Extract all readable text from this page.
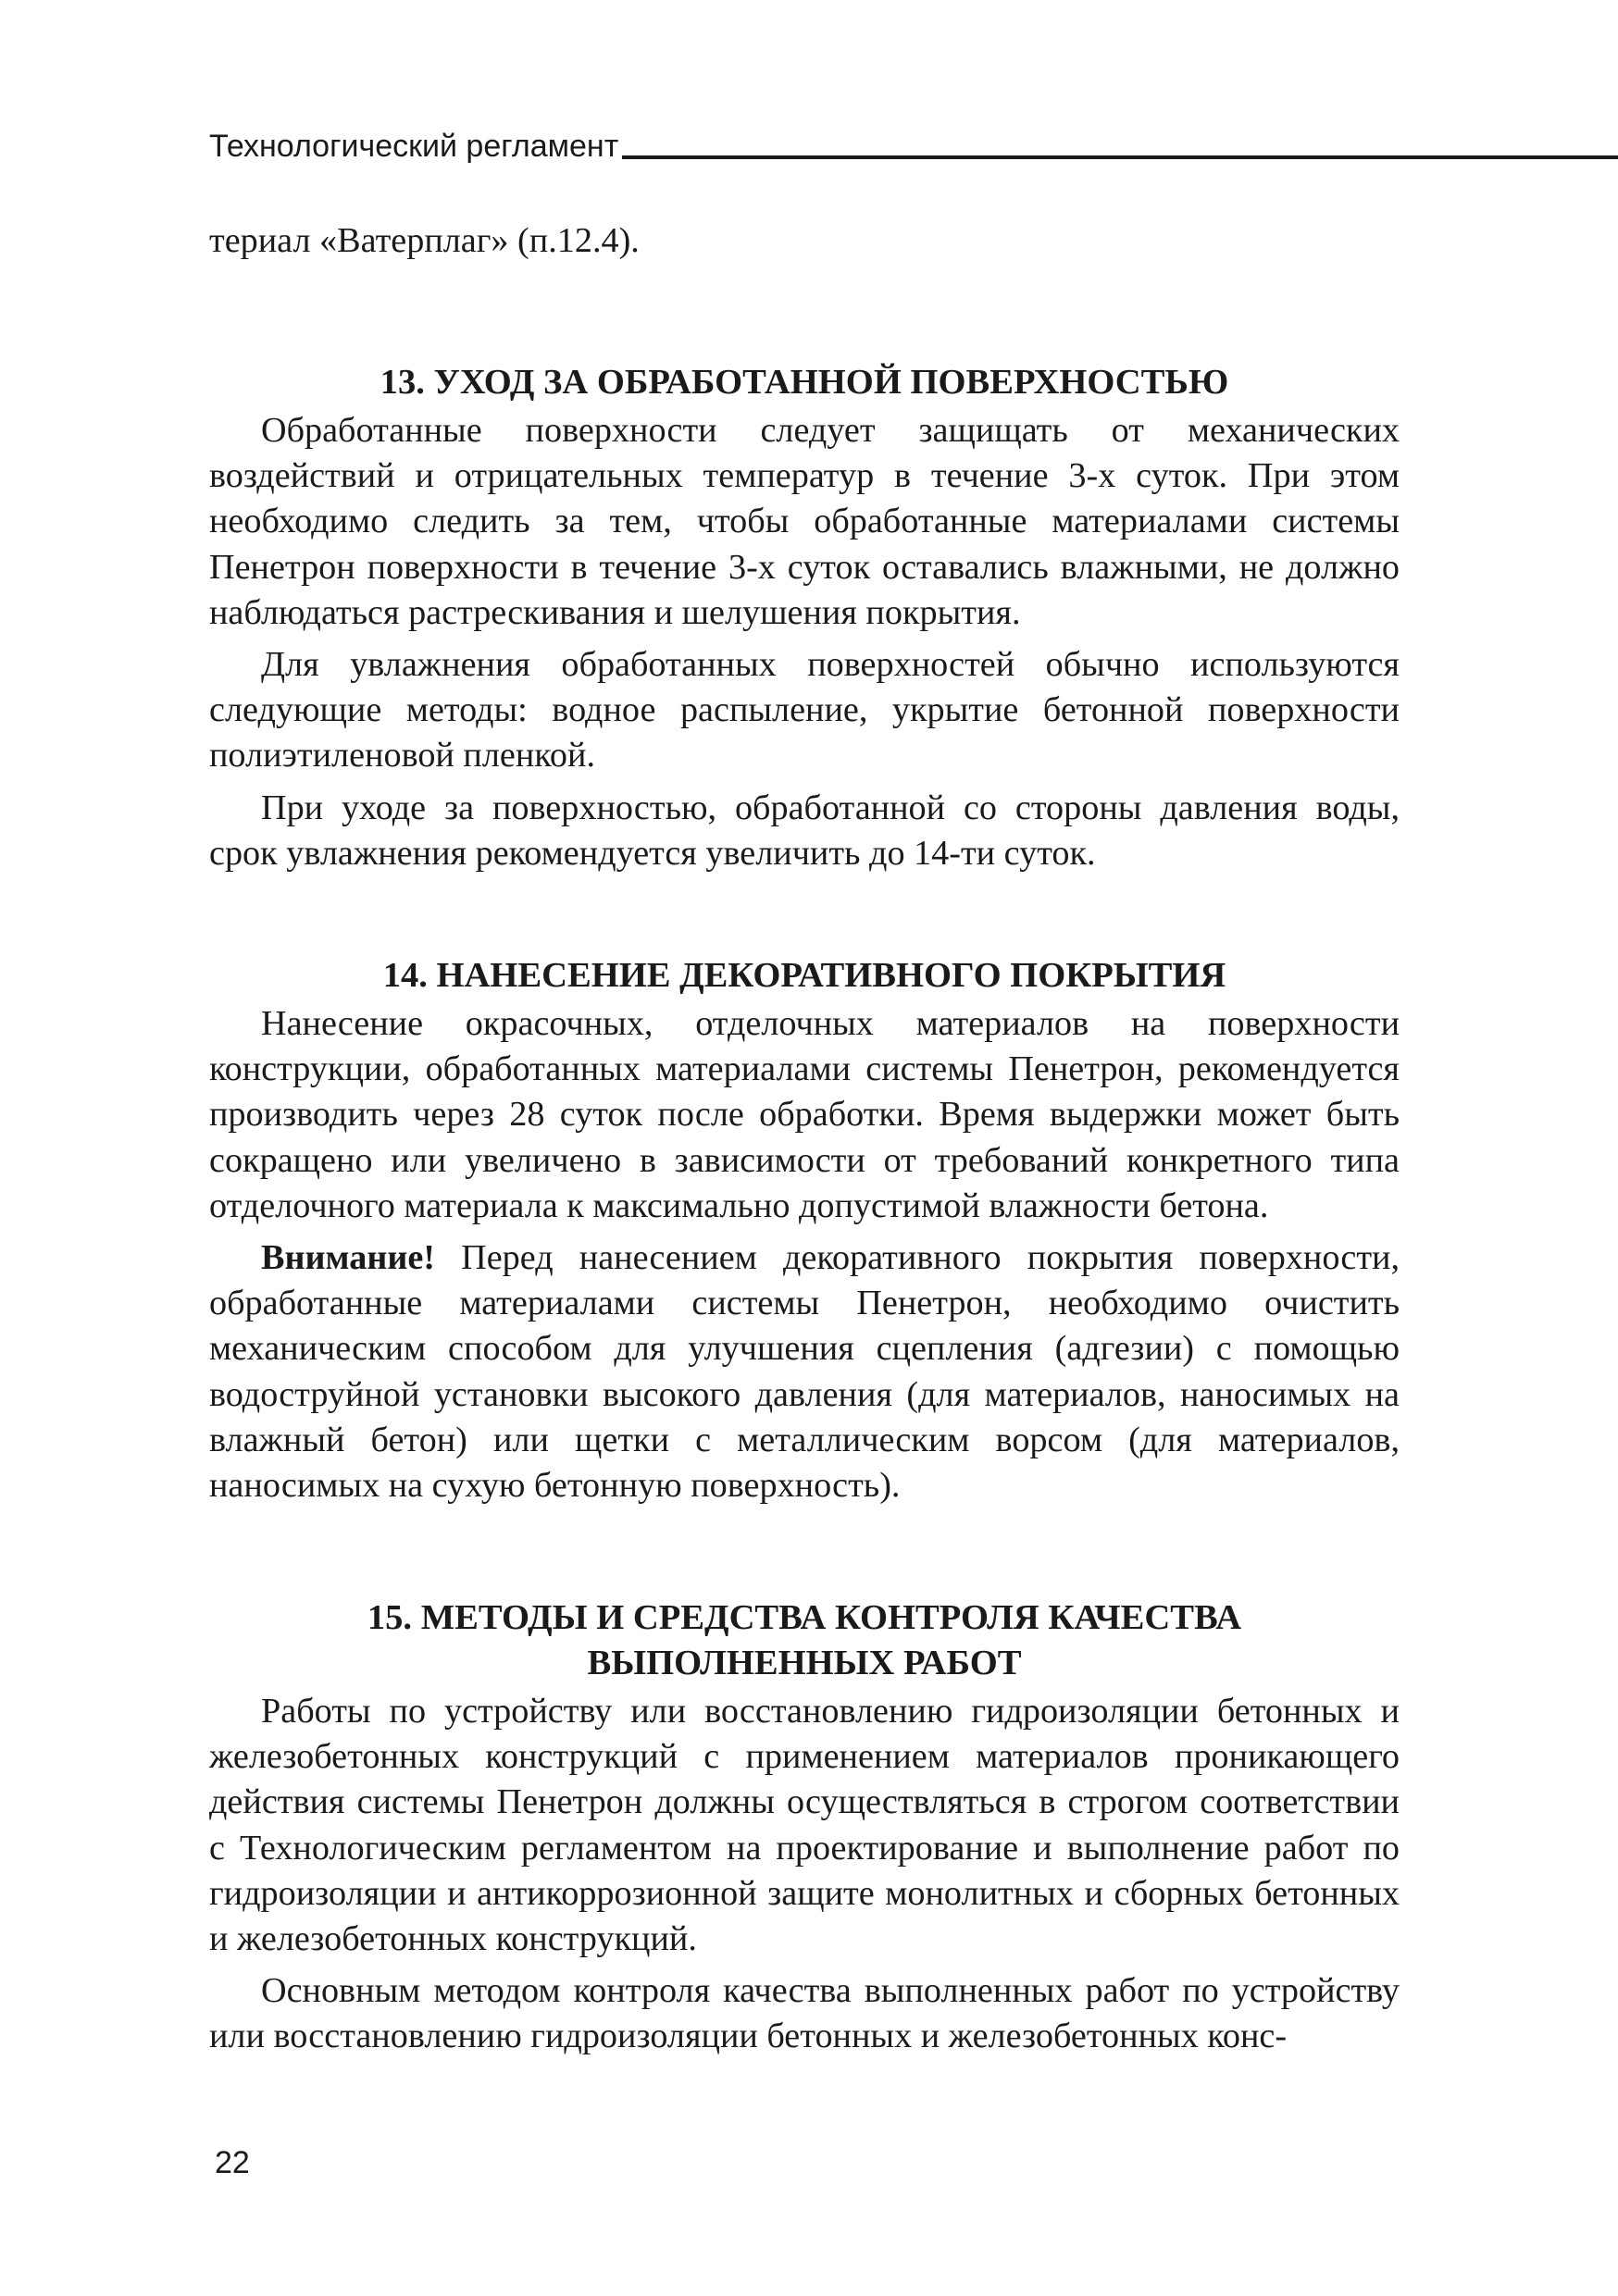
Технологический регламент

териал «Ватерплаг» (п.12.4).

13. УХОД ЗА ОБРАБОТАННОЙ ПОВЕРХНОСТЬЮ

Обработанные поверхности следует защищать от механических воздействий и отрицательных температур в течение 3-х суток. При этом необходимо следить за тем, чтобы обработанные материалами системы Пенетрон поверхности в течение 3-х суток оставались влажными, не должно наблюдаться растрескивания и шелушения покрытия.

Для увлажнения обработанных поверхностей обычно используются следующие методы: водное распыление, укрытие бетонной поверхности полиэтиленовой пленкой.

При уходе за поверхностью, обработанной со стороны давления воды, срок увлажнения рекомендуется увеличить до 14-ти суток.

14. НАНЕСЕНИЕ ДЕКОРАТИВНОГО ПОКРЫТИЯ

Нанесение окрасочных, отделочных материалов на поверхности конструкции, обработанных материалами системы Пенетрон, рекомендуется производить через 28 суток после обработки. Время выдержки может быть сокращено или увеличено в зависимости от требований конкретного типа отделочного материала к максимально допустимой влажности бетона.

Внимание! Перед нанесением декоративного покрытия поверхности, обработанные материалами системы Пенетрон, необходимо очистить механическим способом для улучшения сцепления (адгезии) с помощью водоструйной установки высокого давления (для материалов, наносимых на влажный бетон) или щетки с металлическим ворсом (для материалов, наносимых на сухую бетонную поверхность).

15. МЕТОДЫ И СРЕДСТВА КОНТРОЛЯ КАЧЕСТВА

ВЫПОЛНЕННЫХ РАБОТ

Работы по устройству или восстановлению гидроизоляции бетонных и железобетонных конструкций с применением материалов проникающего действия системы Пенетрон должны осуществляться в строгом соответствии с Технологическим регламентом на проектирование и выполнение работ по гидроизоляции и антикоррозионной защите монолитных и сборных бетонных и железобетонных конструкций.

Основным методом контроля качества выполненных работ по устройству или восстановлению гидроизоляции бетонных и железобетонных конс-

22
